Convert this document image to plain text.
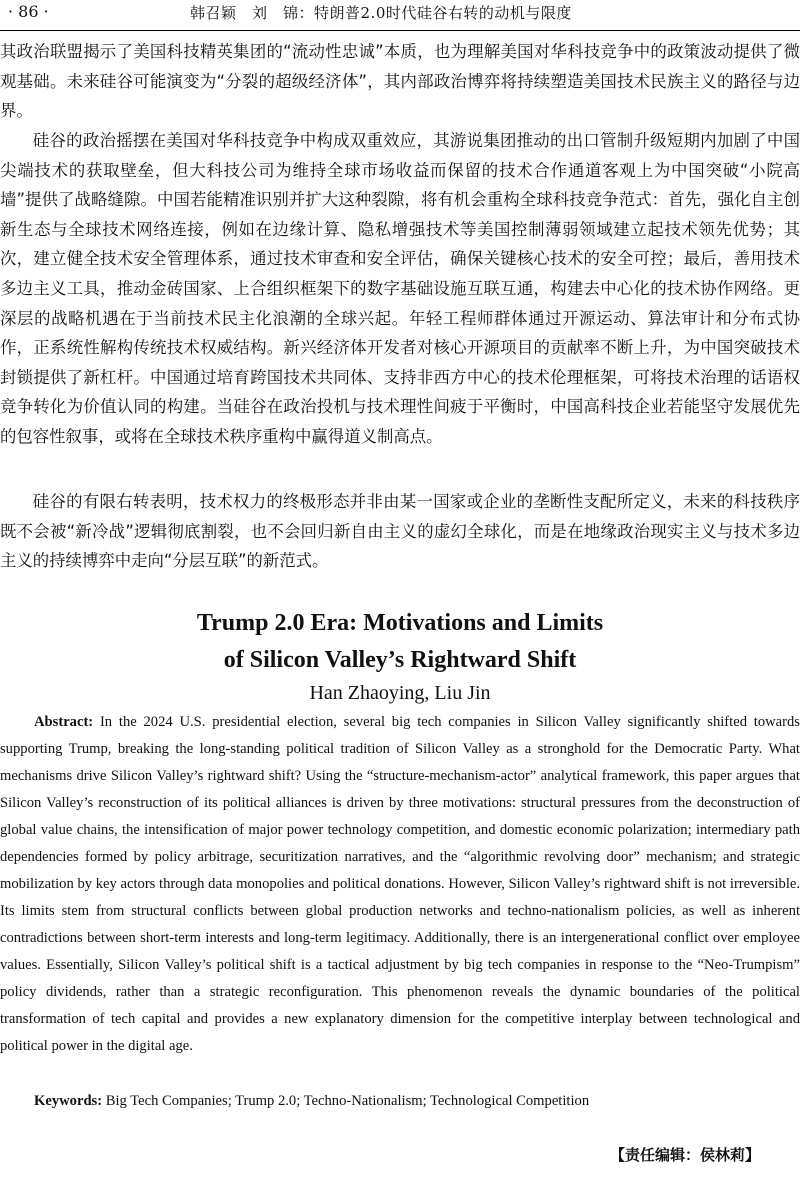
· 86 ·	韩召颖　刘　锦：特朗普2.0时代硅谷右转的动机与限度

其政治联盟揭示了美国科技精英集团的“流动性忠诚”本质，也为理解美国对华科技竞争中的政策波动提供了微观基础。未来硅谷可能演变为“分裂的超级经济体”，其内部政治博弈将持续塑造美国技术民族主义的路径与边界。

硅谷的政治摇摆在美国对华科技竞争中构成双重效应，其游说集团推动的出口管制升级短期内加剧了中国尖端技术的获取壁垒，但大科技公司为维持全球市场收益而保留的技术合作通道客观上为中国突破“小院高墙”提供了战略缝隙。中国若能精准识别并扩大这种裂隙，将有机会重构全球科技竞争范式：首先，强化自主创新生态与全球技术网络连接，例如在边缘计算、隐私增强技术等美国控制薄弱领域建立起技术领先优势；其次，建立健全技术安全管理体系，通过技术审查和安全评估，确保关键核心技术的安全可控；最后，善用技术多边主义工具，推动金砖国家、上合组织框架下的数字基础设施互联互通，构建去中心化的技术协作网络。更深层的战略机遇在于当前技术民主化浪潮的全球兴起。年轻工程师群体通过开源运动、算法审计和分布式协作，正系统性解构传统技术权威结构。新兴经济体开发者对核心开源项目的贡献率不断上升，为中国突破技术封锁提供了新杠杆。中国通过培育跨国技术共同体、支持非西方中心的技术伦理框架，可将技术治理的话语权竞争转化为价值认同的构建。当硅谷在政治投机与技术理性间疲于平衡时，中国高科技企业若能坚守发展优先的包容性叙事，或将在全球技术秩序重构中赢得道义制高点。

硅谷的有限右转表明，技术权力的终极形态并非由某一国家或企业的垄断性支配所定义，未来的科技秩序既不会被“新冷战”逻辑彻底割裂，也不会回归新自由主义的虚幻全球化，而是在地缘政治现实主义与技术多边主义的持续博弈中走向“分层互联”的新范式。

Trump 2.0 Era: Motivations and Limits
of Silicon Valley’s Rightward Shift

Han Zhaoying, Liu Jin

Abstract: In the 2024 U.S. presidential election, several big tech companies in Silicon Valley significantly shifted towards supporting Trump, breaking the long-standing political tradition of Silicon Valley as a stronghold for the Democratic Party. What mechanisms drive Silicon Valley’s rightward shift? Using the “structure-mechanism-actor” analytical framework, this paper argues that Silicon Valley’s reconstruction of its political alliances is driven by three motivations: structural pressures from the deconstruction of global value chains, the intensification of major power technology competition, and domestic economic polarization; intermediary path dependencies formed by policy arbitrage, securitization narratives, and the “algorithmic revolving door” mechanism; and strategic mobilization by key actors through data monopolies and political donations. However, Silicon Valley’s rightward shift is not irreversible. Its limits stem from structural conflicts between global production networks and techno-nationalism policies, as well as inherent contradictions between short-term interests and long-term legitimacy. Additionally, there is an intergenerational conflict over employee values. Essentially, Silicon Valley’s political shift is a tactical adjustment by big tech companies in response to the “Neo-Trumpism” policy dividends, rather than a strategic reconfiguration. This phenomenon reveals the dynamic boundaries of the political transformation of tech capital and provides a new explanatory dimension for the competitive interplay between technological and political power in the digital age.

Keywords: Big Tech Companies; Trump 2.0; Techno-Nationalism; Technological Competition

【责任编辑：侯林莉】
